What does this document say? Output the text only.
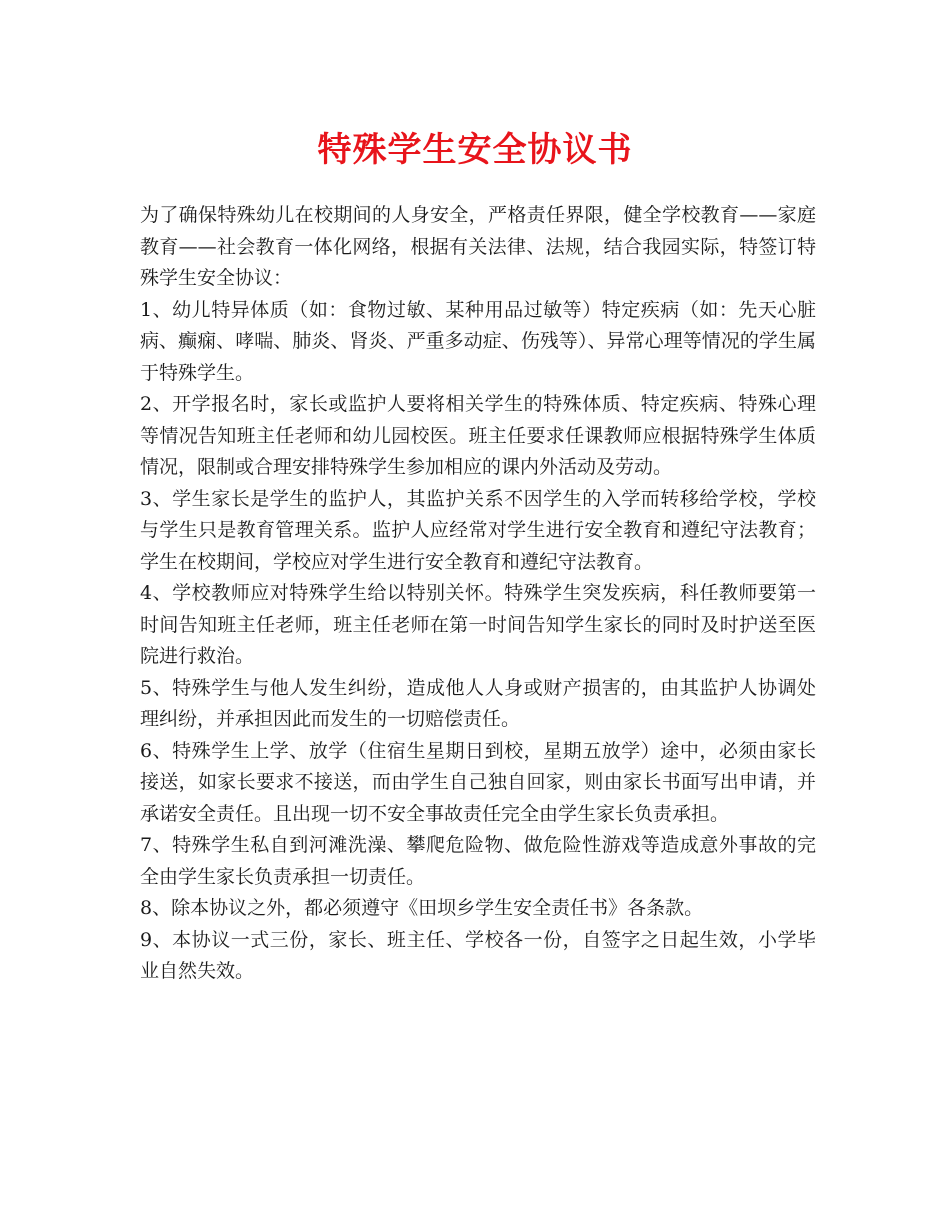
特殊学生安全协议书

为了确保特殊幼儿在校期间的人身安全，严格责任界限，健全学校教育——家庭教育——社会教育一体化网络，根据有关法律、法规，结合我园实际，特签订特殊学生安全协议：

1、幼儿特异体质（如：食物过敏、某种用品过敏等）特定疾病（如：先天心脏病、癫痫、哮喘、肺炎、肾炎、严重多动症、伤残等）、异常心理等情况的学生属于特殊学生。

2、开学报名时，家长或监护人要将相关学生的特殊体质、特定疾病、特殊心理等情况告知班主任老师和幼儿园校医。班主任要求任课教师应根据特殊学生体质情况，限制或合理安排特殊学生参加相应的课内外活动及劳动。

3、学生家长是学生的监护人，其监护关系不因学生的入学而转移给学校，学校与学生只是教育管理关系。监护人应经常对学生进行安全教育和遵纪守法教育；学生在校期间，学校应对学生进行安全教育和遵纪守法教育。

4、学校教师应对特殊学生给以特别关怀。特殊学生突发疾病，科任教师要第一时间告知班主任老师，班主任老师在第一时间告知学生家长的同时及时护送至医院进行救治。

5、特殊学生与他人发生纠纷，造成他人人身或财产损害的，由其监护人协调处理纠纷，并承担因此而发生的一切赔偿责任。

6、特殊学生上学、放学（住宿生星期日到校，星期五放学）途中，必须由家长接送，如家长要求不接送，而由学生自己独自回家，则由家长书面写出申请，并承诺安全责任。且出现一切不安全事故责任完全由学生家长负责承担。

7、特殊学生私自到河滩洗澡、攀爬危险物、做危险性游戏等造成意外事故的完全由学生家长负责承担一切责任。

8、除本协议之外，都必须遵守《田坝乡学生安全责任书》各条款。

9、本协议一式三份，家长、班主任、学校各一份，自签字之日起生效，小学毕业自然失效。
